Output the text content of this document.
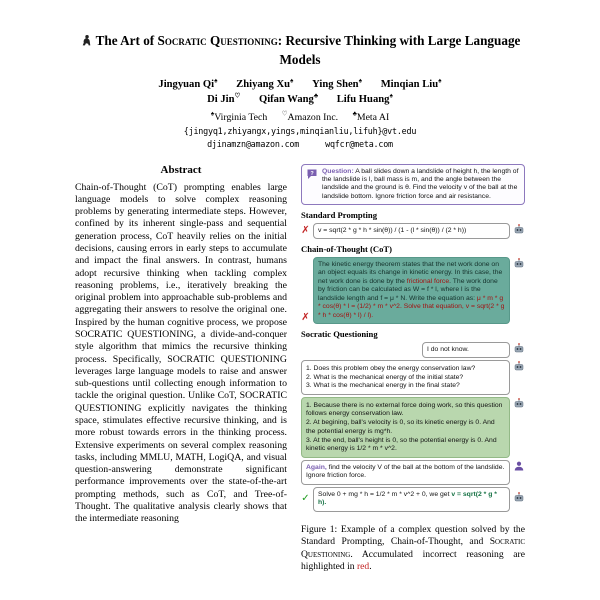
The Art of Socratic Questioning: Recursive Thinking with Large Language Models
Jingyuan Qi♠ Zhiyang Xu♠ Ying Shen♠ Minqian Liu♠
Di Jin♡ Qifan Wang♣ Lifu Huang♠
♠Virginia Tech ♡Amazon Inc. ♣Meta AI
{jingyq1,zhiyangx,yings,minqianliu,lifuh}@vt.edu
djinamzn@amazon.com	wqfcr@meta.com
Abstract
Chain-of-Thought (CoT) prompting enables large language models to solve complex reasoning problems by generating intermediate steps. However, confined by its inherent single-pass and sequential generation process, CoT heavily relies on the initial decisions, causing errors in early steps to accumulate and impact the final answers. In contrast, humans adopt recursive thinking when tackling complex reasoning problems, i.e., iteratively breaking the original problem into approachable sub-problems and aggregating their answers to resolve the original one. Inspired by the human cognitive process, we propose SOCRATIC QUESTIONING, a divide-and-conquer style algorithm that mimics the recursive thinking process. Specifically, SOCRATIC QUESTIONING leverages large language models to raise and answer sub-questions until collecting enough information to tackle the original question. Unlike CoT, SOCRATIC QUESTIONING explicitly navigates the thinking space, stimulates effective recursive thinking, and is more robust towards errors in the thinking process. Extensive experiments on several complex reasoning tasks, including MMLU, MATH, LogiQA, and visual question-answering demonstrate significant performance improvements over the state-of-the-art prompting methods, such as CoT, and Tree-of-Thought. The qualitative analysis clearly shows that the intermediate reasoning
? Question: A ball slides down a landslide of height h, the length of the landslide is l, ball mass is m, and the angle between the landslide and the ground is θ. Find the velocity v of the ball at the landslide bottom. Ignore friction force and air resistance.
Standard Prompting
✗	v = sqrt(2 * g * h * sin(θ)) / (1 - (l * sin(θ)) / (2 * h))
Chain-of-Thought (CoT)
✗
The kinetic energy theorem states that the net work done on an object equals its change in kinetic energy. In this case, the net work done is done by the frictional force. The work done by friction can be calculated as W = f * l, where l is the landslide length and f = μ * N. Write the equation as: μ * m * g * cos(θ) * l = (1/2) * m * v^2. Solve that equation, v = sqrt(2 * g * h * cos(θ) * l) / l).
Socratic Questioning
I do not know.
1. Does this problem obey the energy conservation law?
2. What is the mechanical energy of the initial state?
3. What is the mechanical energy in the final state?
1. Because there is no external force doing work, so this question follows energy conservation law.
2. At begining, ball's velocity is 0, so its kinetic energy is 0. And the potential energy is mg*h.
3. At the end, ball's height is 0, so the potential energy is 0. And kinetic energy is 1/2 * m * v^2.
Again, find the velocity V of the ball at the bottom of the landslide. Ignore friction force.
✓	Solve 0 + mg * h = 1/2 * m * v^2 + 0, we get v = sqrt(2 * g * h).
Figure 1: Example of a complex question solved by the Standard Prompting, Chain-of-Thought, and Socratic Questioning. Accumulated incorrect reasoning are highlighted in red.
